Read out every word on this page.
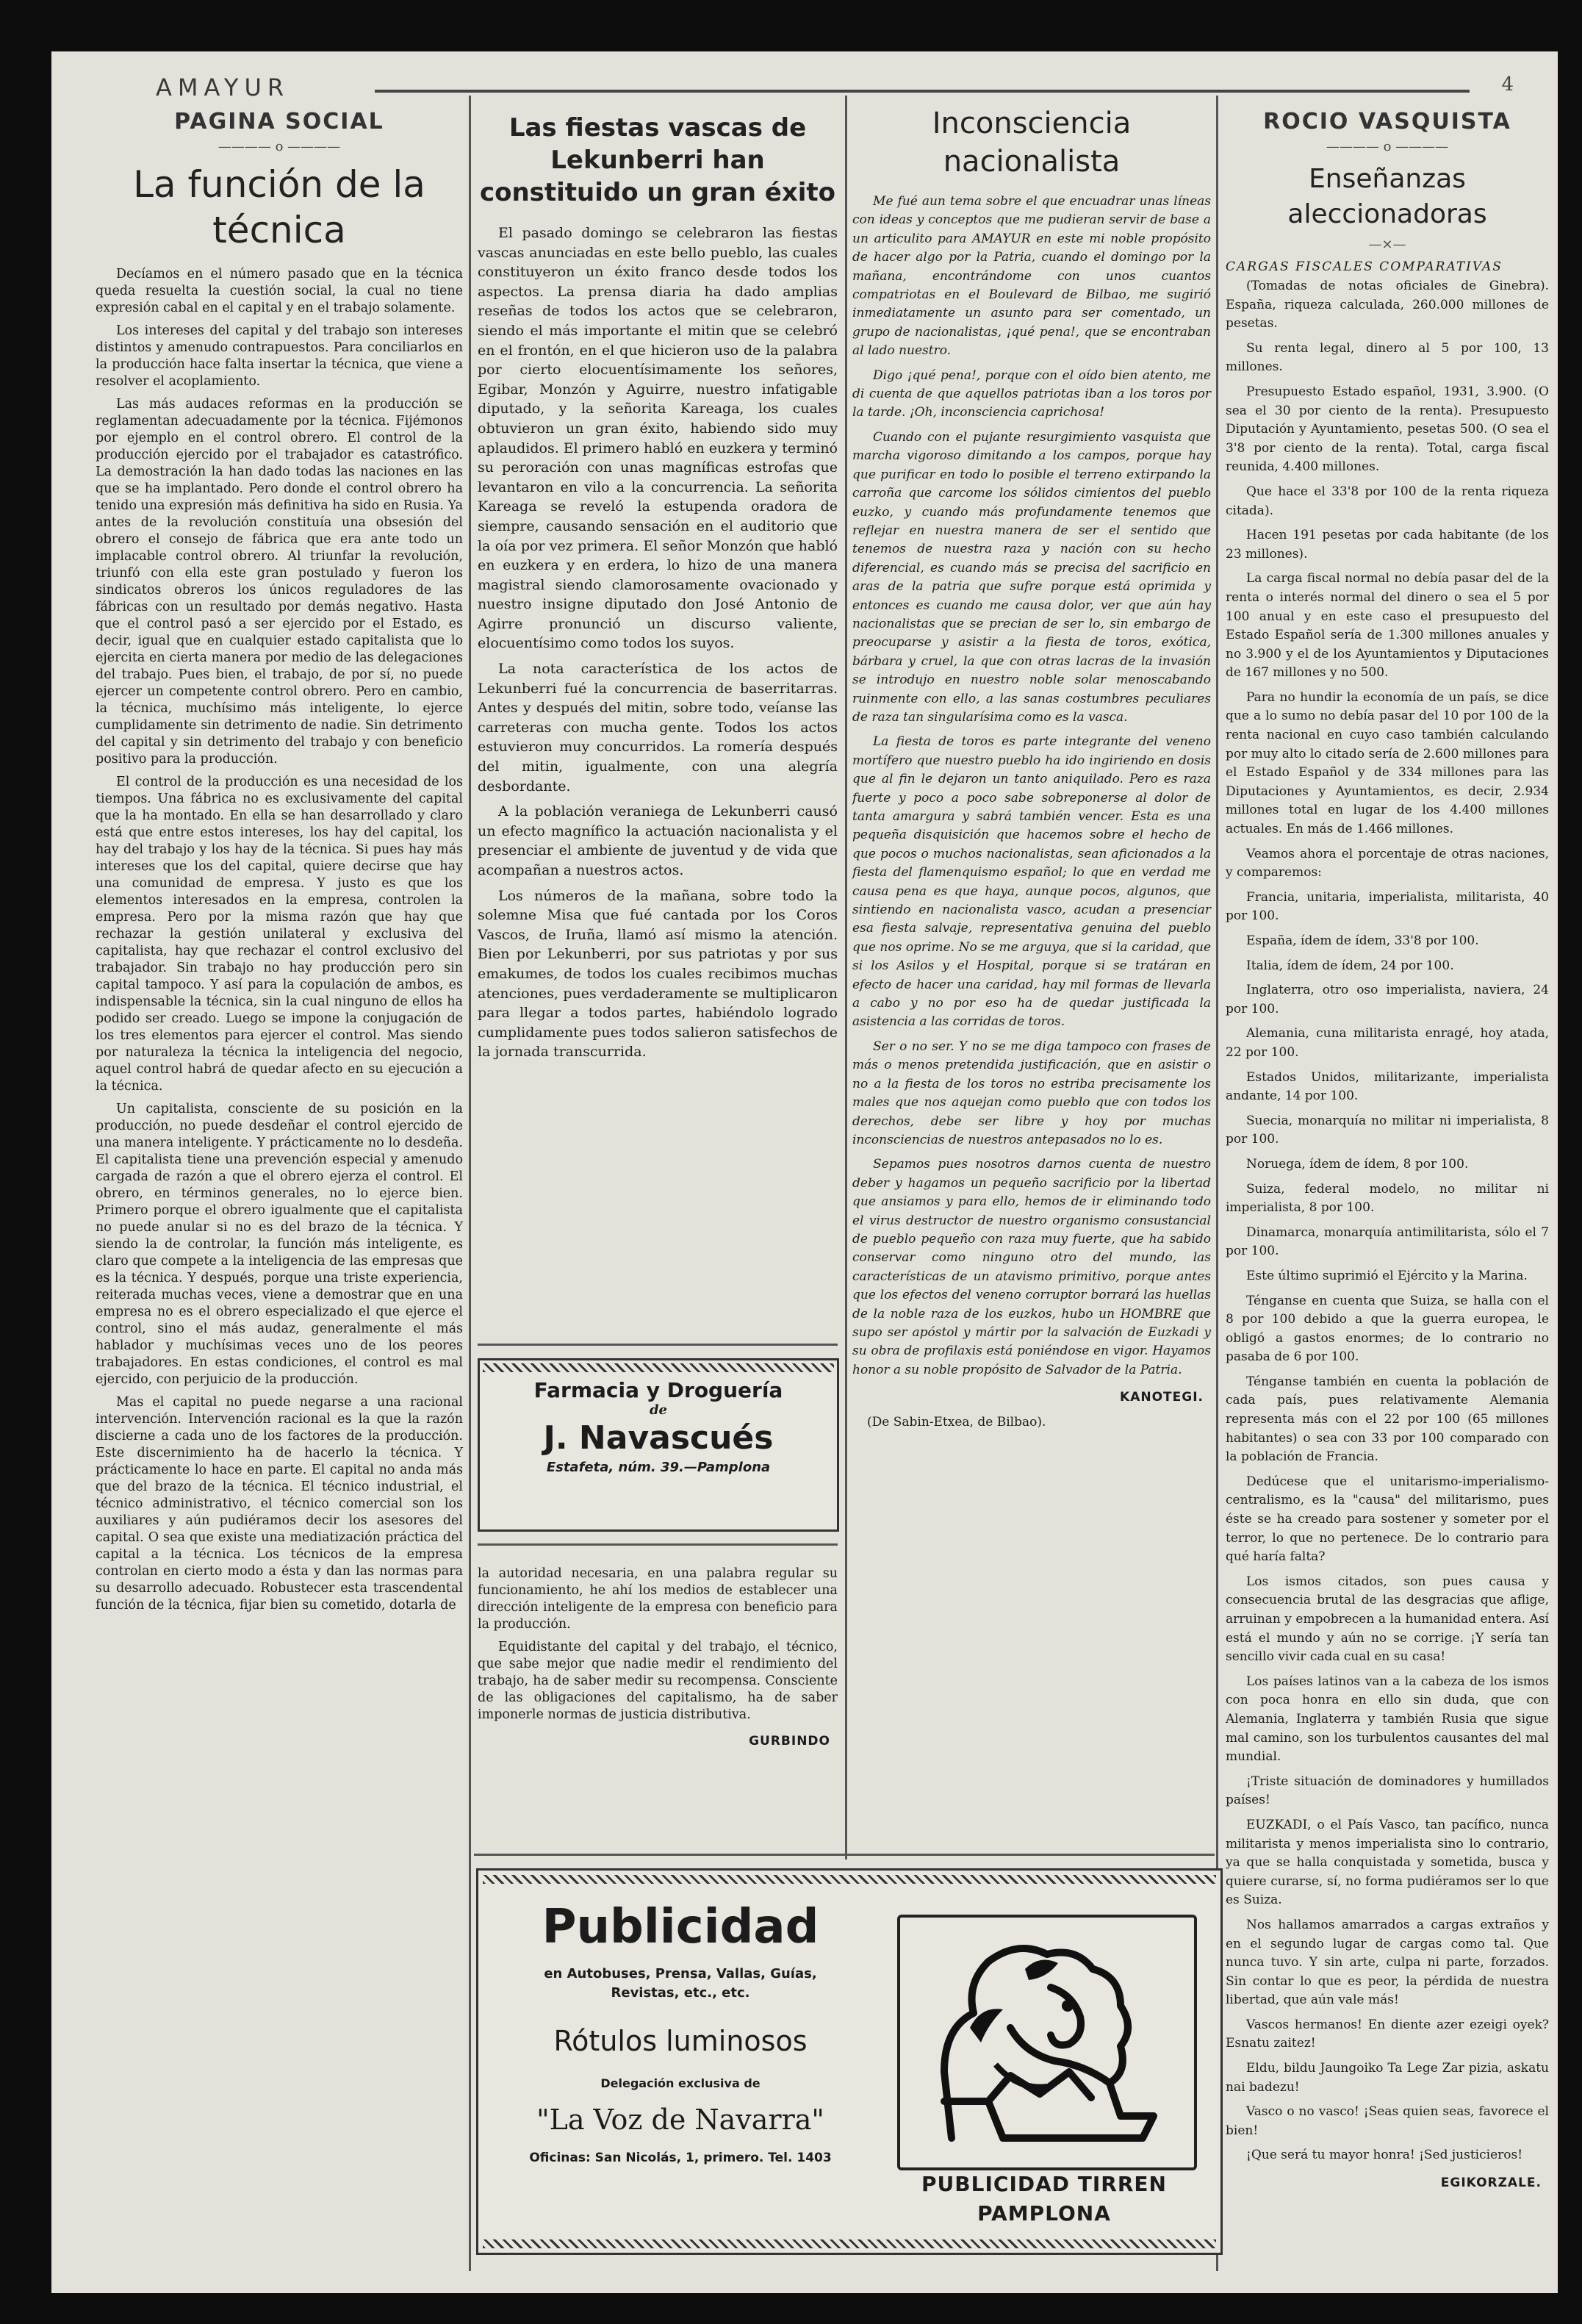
AMAYUR	4
PAGINA SOCIAL
———— o ————
La función de la técnica

Decíamos en el número pasado que en la técnica queda resuelta la cuestión social, la cual no tiene expresión cabal en el capital y en el trabajo solamente.

Los intereses del capital y del trabajo son intereses distintos y amenudo contrapuestos. Para conciliarlos en la producción hace falta insertar la técnica, que viene a resolver el acoplamiento.

Las más audaces reformas en la producción se reglamentan adecuadamente por la técnica. Fijémonos por ejemplo en el control obrero. El control de la producción ejercido por el trabajador es catastrófico. La demostración la han dado todas las naciones en las que se ha implantado. Pero donde el control obrero ha tenido una expresión más definitiva ha sido en Rusia. Ya antes de la revolución constituía una obsesión del obrero el consejo de fábrica que era ante todo un implacable control obrero. Al triunfar la revolución, triunfó con ella este gran postulado y fueron los sindicatos obreros los únicos reguladores de las fábricas con un resultado por demás negativo. Hasta que el control pasó a ser ejercido por el Estado, es decir, igual que en cualquier estado capitalista que lo ejercita en cierta manera por medio de las delegaciones del trabajo. Pues bien, el trabajo, de por sí, no puede ejercer un competente control obrero. Pero en cambio, la técnica, muchísimo más inteligente, lo ejerce cumplidamente sin detrimento de nadie. Sin detrimento del capital y sin detrimento del trabajo y con beneficio positivo para la producción.

El control de la producción es una necesidad de los tiempos. Una fábrica no es exclusivamente del capital que la ha montado. En ella se han desarrollado y claro está que entre estos intereses, los hay del capital, los hay del trabajo y los hay de la técnica. Si pues hay más intereses que los del capital, quiere decirse que hay una comunidad de empresa. Y justo es que los elementos interesados en la empresa, controlen la empresa. Pero por la misma razón que hay que rechazar la gestión unilateral y exclusiva del capitalista, hay que rechazar el control exclusivo del trabajador. Sin trabajo no hay producción pero sin capital tampoco. Y así para la copulación de ambos, es indispensable la técnica, sin la cual ninguno de ellos ha podido ser creado. Luego se impone la conjugación de los tres elementos para ejercer el control. Mas siendo por naturaleza la técnica la inteligencia del negocio, aquel control habrá de quedar afecto en su ejecución a la técnica.

Un capitalista, consciente de su posición en la producción, no puede desdeñar el control ejercido de una manera inteligente. Y prácticamente no lo desdeña. El capitalista tiene una prevención especial y amenudo cargada de razón a que el obrero ejerza el control. El obrero, en términos generales, no lo ejerce bien. Primero porque el obrero igualmente que el capitalista no puede anular si no es del brazo de la técnica. Y siendo la de controlar, la función más inteligente, es claro que compete a la inteligencia de las empresas que es la técnica. Y después, porque una triste experiencia, reiterada muchas veces, viene a demostrar que en una empresa no es el obrero especializado el que ejerce el control, sino el más audaz, generalmente el más hablador y muchísimas veces uno de los peores trabajadores. En estas condiciones, el control es mal ejercido, con perjuicio de la producción.

Mas el capital no puede negarse a una racional intervención. Intervención racional es la que la razón discierne a cada uno de los factores de la producción. Este discernimiento ha de hacerlo la técnica. Y prácticamente lo hace en parte. El capital no anda más que del brazo de la técnica. El técnico industrial, el técnico administrativo, el técnico comercial son los auxiliares y aún pudiéramos decir los asesores del capital. O sea que existe una mediatización práctica del capital a la técnica. Los técnicos de la empresa controlan en cierto modo a ésta y dan las normas para su desarrollo adecuado. Robustecer esta trascendental función de la técnica, fijar bien su cometido, dotarla de

Las fiestas vascas de Lekunberri han constituido un gran éxito

El pasado domingo se celebraron las fiestas vascas anunciadas en este bello pueblo, las cuales constituyeron un éxito franco desde todos los aspectos. La prensa diaria ha dado amplias reseñas de todos los actos que se celebraron, siendo el más importante el mitin que se celebró en el frontón, en el que hicieron uso de la palabra por cierto elocuentísimamente los señores, Egibar, Monzón y Aguirre, nuestro infatigable diputado, y la señorita Kareaga, los cuales obtuvieron un gran éxito, habiendo sido muy aplaudidos. El primero habló en euzkera y terminó su peroración con unas magníficas estrofas que levantaron en vilo a la concurrencia. La señorita Kareaga se reveló la estupenda oradora de siempre, causando sensación en el auditorio que la oía por vez primera. El señor Monzón que habló en euzkera y en erdera, lo hizo de una manera magistral siendo clamorosamente ovacionado y nuestro insigne diputado don José Antonio de Agirre pronunció un discurso valiente, elocuentísimo como todos los suyos.

La nota característica de los actos de Lekunberri fué la concurrencia de baserritarras. Antes y después del mitin, sobre todo, veíanse las carreteras con mucha gente. Todos los actos estuvieron muy concurridos. La romería después del mitin, igualmente, con una alegría desbordante.

A la población veraniega de Lekunberri causó un efecto magnífico la actuación nacionalista y el presenciar el ambiente de juventud y de vida que acompañan a nuestros actos.

Los números de la mañana, sobre todo la solemne Misa que fué cantada por los Coros Vascos, de Iruña, llamó así mismo la atención. Bien por Lekunberri, por sus patriotas y por sus emakumes, de todos los cuales recibimos muchas atenciones, pues verdaderamente se multiplicaron para llegar a todos partes, habiéndolo logrado cumplidamente pues todos salieron satisfechos de la jornada transcurrida.

Farmacia y Droguería
de
J. Navascués
Estafeta, núm. 39.—Pamplona

la autoridad necesaria, en una palabra regular su funcionamiento, he ahí los medios de establecer una dirección inteligente de la empresa con beneficio para la producción.

Equidistante del capital y del trabajo, el técnico, que sabe mejor que nadie medir el rendimiento del trabajo, ha de saber medir su recompensa. Consciente de las obligaciones del capitalismo, ha de saber imponerle normas de justicia distributiva.

GURBINDO
Inconsciencia nacionalista

Me fué aun tema sobre el que encuadrar unas líneas con ideas y conceptos que me pudieran servir de base a un articulito para AMAYUR en este mi noble propósito de hacer algo por la Patria, cuando el domingo por la mañana, encontrándome con unos cuantos compatriotas en el Boulevard de Bilbao, me sugirió inmediatamente un asunto para ser comentado, un grupo de nacionalistas, ¡qué pena!, que se encontraban al lado nuestro.

Digo ¡qué pena!, porque con el oído bien atento, me di cuenta de que aquellos patriotas iban a los toros por la tarde. ¡Oh, inconsciencia caprichosa!

Cuando con el pujante resurgimiento vasquista que marcha vigoroso dimitando a los campos, porque hay que purificar en todo lo posible el terreno extirpando la carroña que carcome los sólidos cimientos del pueblo euzko, y cuando más profundamente tenemos que reflejar en nuestra manera de ser el sentido que tenemos de nuestra raza y nación con su hecho diferencial, es cuando más se precisa del sacrificio en aras de la patria que sufre porque está oprimida y entonces es cuando me causa dolor, ver que aún hay nacionalistas que se precian de ser lo, sin embargo de preocuparse y asistir a la fiesta de toros, exótica, bárbara y cruel, la que con otras lacras de la invasión se introdujo en nuestro noble solar menoscabando ruinmente con ello, a las sanas costumbres peculiares de raza tan singularísima como es la vasca.

La fiesta de toros es parte integrante del veneno mortífero que nuestro pueblo ha ido ingiriendo en dosis que al fin le dejaron un tanto aniquilado. Pero es raza fuerte y poco a poco sabe sobreponerse al dolor de tanta amargura y sabrá también vencer. Esta es una pequeña disquisición que hacemos sobre el hecho de que pocos o muchos nacionalistas, sean aficionados a la fiesta del flamenquismo español; lo que en verdad me causa pena es que haya, aunque pocos, algunos, que sintiendo en nacionalista vasco, acudan a presenciar esa fiesta salvaje, representativa genuina del pueblo que nos oprime. No se me arguya, que si la caridad, que si los Asilos y el Hospital, porque si se tratáran en efecto de hacer una caridad, hay mil formas de llevarla a cabo y no por eso ha de quedar justificada la asistencia a las corridas de toros.

Ser o no ser. Y no se me diga tampoco con frases de más o menos pretendida justificación, que en asistir o no a la fiesta de los toros no estriba precisamente los males que nos aquejan como pueblo que con todos los derechos, debe ser libre y hoy por muchas inconsciencias de nuestros antepasados no lo es.

Sepamos pues nosotros darnos cuenta de nuestro deber y hagamos un pequeño sacrificio por la libertad que ansiamos y para ello, hemos de ir eliminando todo el virus destructor de nuestro organismo consustancial de pueblo pequeño con raza muy fuerte, que ha sabido conservar como ninguno otro del mundo, las características de un atavismo primitivo, porque antes que los efectos del veneno corruptor borrará las huellas de la noble raza de los euzkos, hubo un HOMBRE que supo ser apóstol y mártir por la salvación de Euzkadi y su obra de profilaxis está poniéndose en vigor. Hayamos honor a su noble propósito de Salvador de la Patria.

KANOTEGI.
(De Sabin-Etxea, de Bilbao).
ROCIO VASQUISTA
———— o ————
Enseñanzas aleccionadoras
—×—
CARGAS FISCALES COMPARATIVAS

(Tomadas de notas oficiales de Ginebra). España, riqueza calculada, 260.000 millones de pesetas.

Su renta legal, dinero al 5 por 100, 13 millones.

Presupuesto Estado español, 1931, 3.900. (O sea el 30 por ciento de la renta). Presupuesto Diputación y Ayuntamiento, pesetas 500. (O sea el 3'8 por ciento de la renta). Total, carga fiscal reunida, 4.400 millones.

Que hace el 33'8 por 100 de la renta riqueza citada).

Hacen 191 pesetas por cada habitante (de los 23 millones).

La carga fiscal normal no debía pasar del de la renta o interés normal del dinero o sea el 5 por 100 anual y en este caso el presupuesto del Estado Español sería de 1.300 millones anuales y no 3.900 y el de los Ayuntamientos y Diputaciones de 167 millones y no 500.

Para no hundir la economía de un país, se dice que a lo sumo no debía pasar del 10 por 100 de la renta nacional en cuyo caso también calculando por muy alto lo citado sería de 2.600 millones para el Estado Español y de 334 millones para las Diputaciones y Ayuntamientos, es decir, 2.934 millones total en lugar de los 4.400 millones actuales. En más de 1.466 millones.

Veamos ahora el porcentaje de otras naciones, y comparemos:

Francia, unitaria, imperialista, militarista, 40 por 100.

España, ídem de ídem, 33'8 por 100.

Italia, ídem de ídem, 24 por 100.

Inglaterra, otro oso imperialista, naviera, 24 por 100.

Alemania, cuna militarista enragé, hoy atada, 22 por 100.

Estados Unidos, militarizante, imperialista andante, 14 por 100.

Suecia, monarquía no militar ni imperialista, 8 por 100.

Noruega, ídem de ídem, 8 por 100.

Suiza, federal modelo, no militar ni imperialista, 8 por 100.

Dinamarca, monarquía antimilitarista, sólo el 7 por 100.

Este último suprimió el Ejército y la Marina.

Ténganse en cuenta que Suiza, se halla con el 8 por 100 debido a que la guerra europea, le obligó a gastos enormes; de lo contrario no pasaba de 6 por 100.

Ténganse también en cuenta la población de cada país, pues relativamente Alemania representa más con el 22 por 100 (65 millones habitantes) o sea con 33 por 100 comparado con la población de Francia.

Dedúcese que el unitarismo-imperialismo-centralismo, es la "causa" del militarismo, pues éste se ha creado para sostener y someter por el terror, lo que no pertenece. De lo contrario para qué haría falta?

Los ismos citados, son pues causa y consecuencia brutal de las desgracias que aflige, arruinan y empobrecen a la humanidad entera. Así está el mundo y aún no se corrige. ¡Y sería tan sencillo vivir cada cual en su casa!

Los países latinos van a la cabeza de los ismos con poca honra en ello sin duda, que con Alemania, Inglaterra y también Rusia que sigue mal camino, son los turbulentos causantes del mal mundial.

¡Triste situación de dominadores y humillados países!

EUZKADI, o el País Vasco, tan pacífico, nunca militarista y menos imperialista sino lo contrario, ya que se halla conquistada y sometida, busca y quiere curarse, sí, no forma pudiéramos ser lo que es Suiza.

Nos hallamos amarrados a cargas extraños y en el segundo lugar de cargas como tal. Que nunca tuvo. Y sin arte, culpa ni parte, forzados. Sin contar lo que es peor, la pérdida de nuestra libertad, que aún vale más!

Vascos hermanos! En diente azer ezeigi oyek? Esnatu zaitez!

Eldu, bildu Jaungoiko Ta Lege Zar pizia, askatu nai badezu!

Vasco o no vasco! ¡Seas quien seas, favorece el bien!

¡Que será tu mayor honra! ¡Sed justicieros!

EGIKORZALE.
Publicidad
en Autobuses, Prensa, Vallas, Guías, Revistas, etc., etc.
Rótulos luminosos
Delegación exclusiva de
"La Voz de Navarra"
Oficinas: San Nicolás, 1, primero. Tel. 1403
PUBLICIDAD TIRREN
PAMPLONA
